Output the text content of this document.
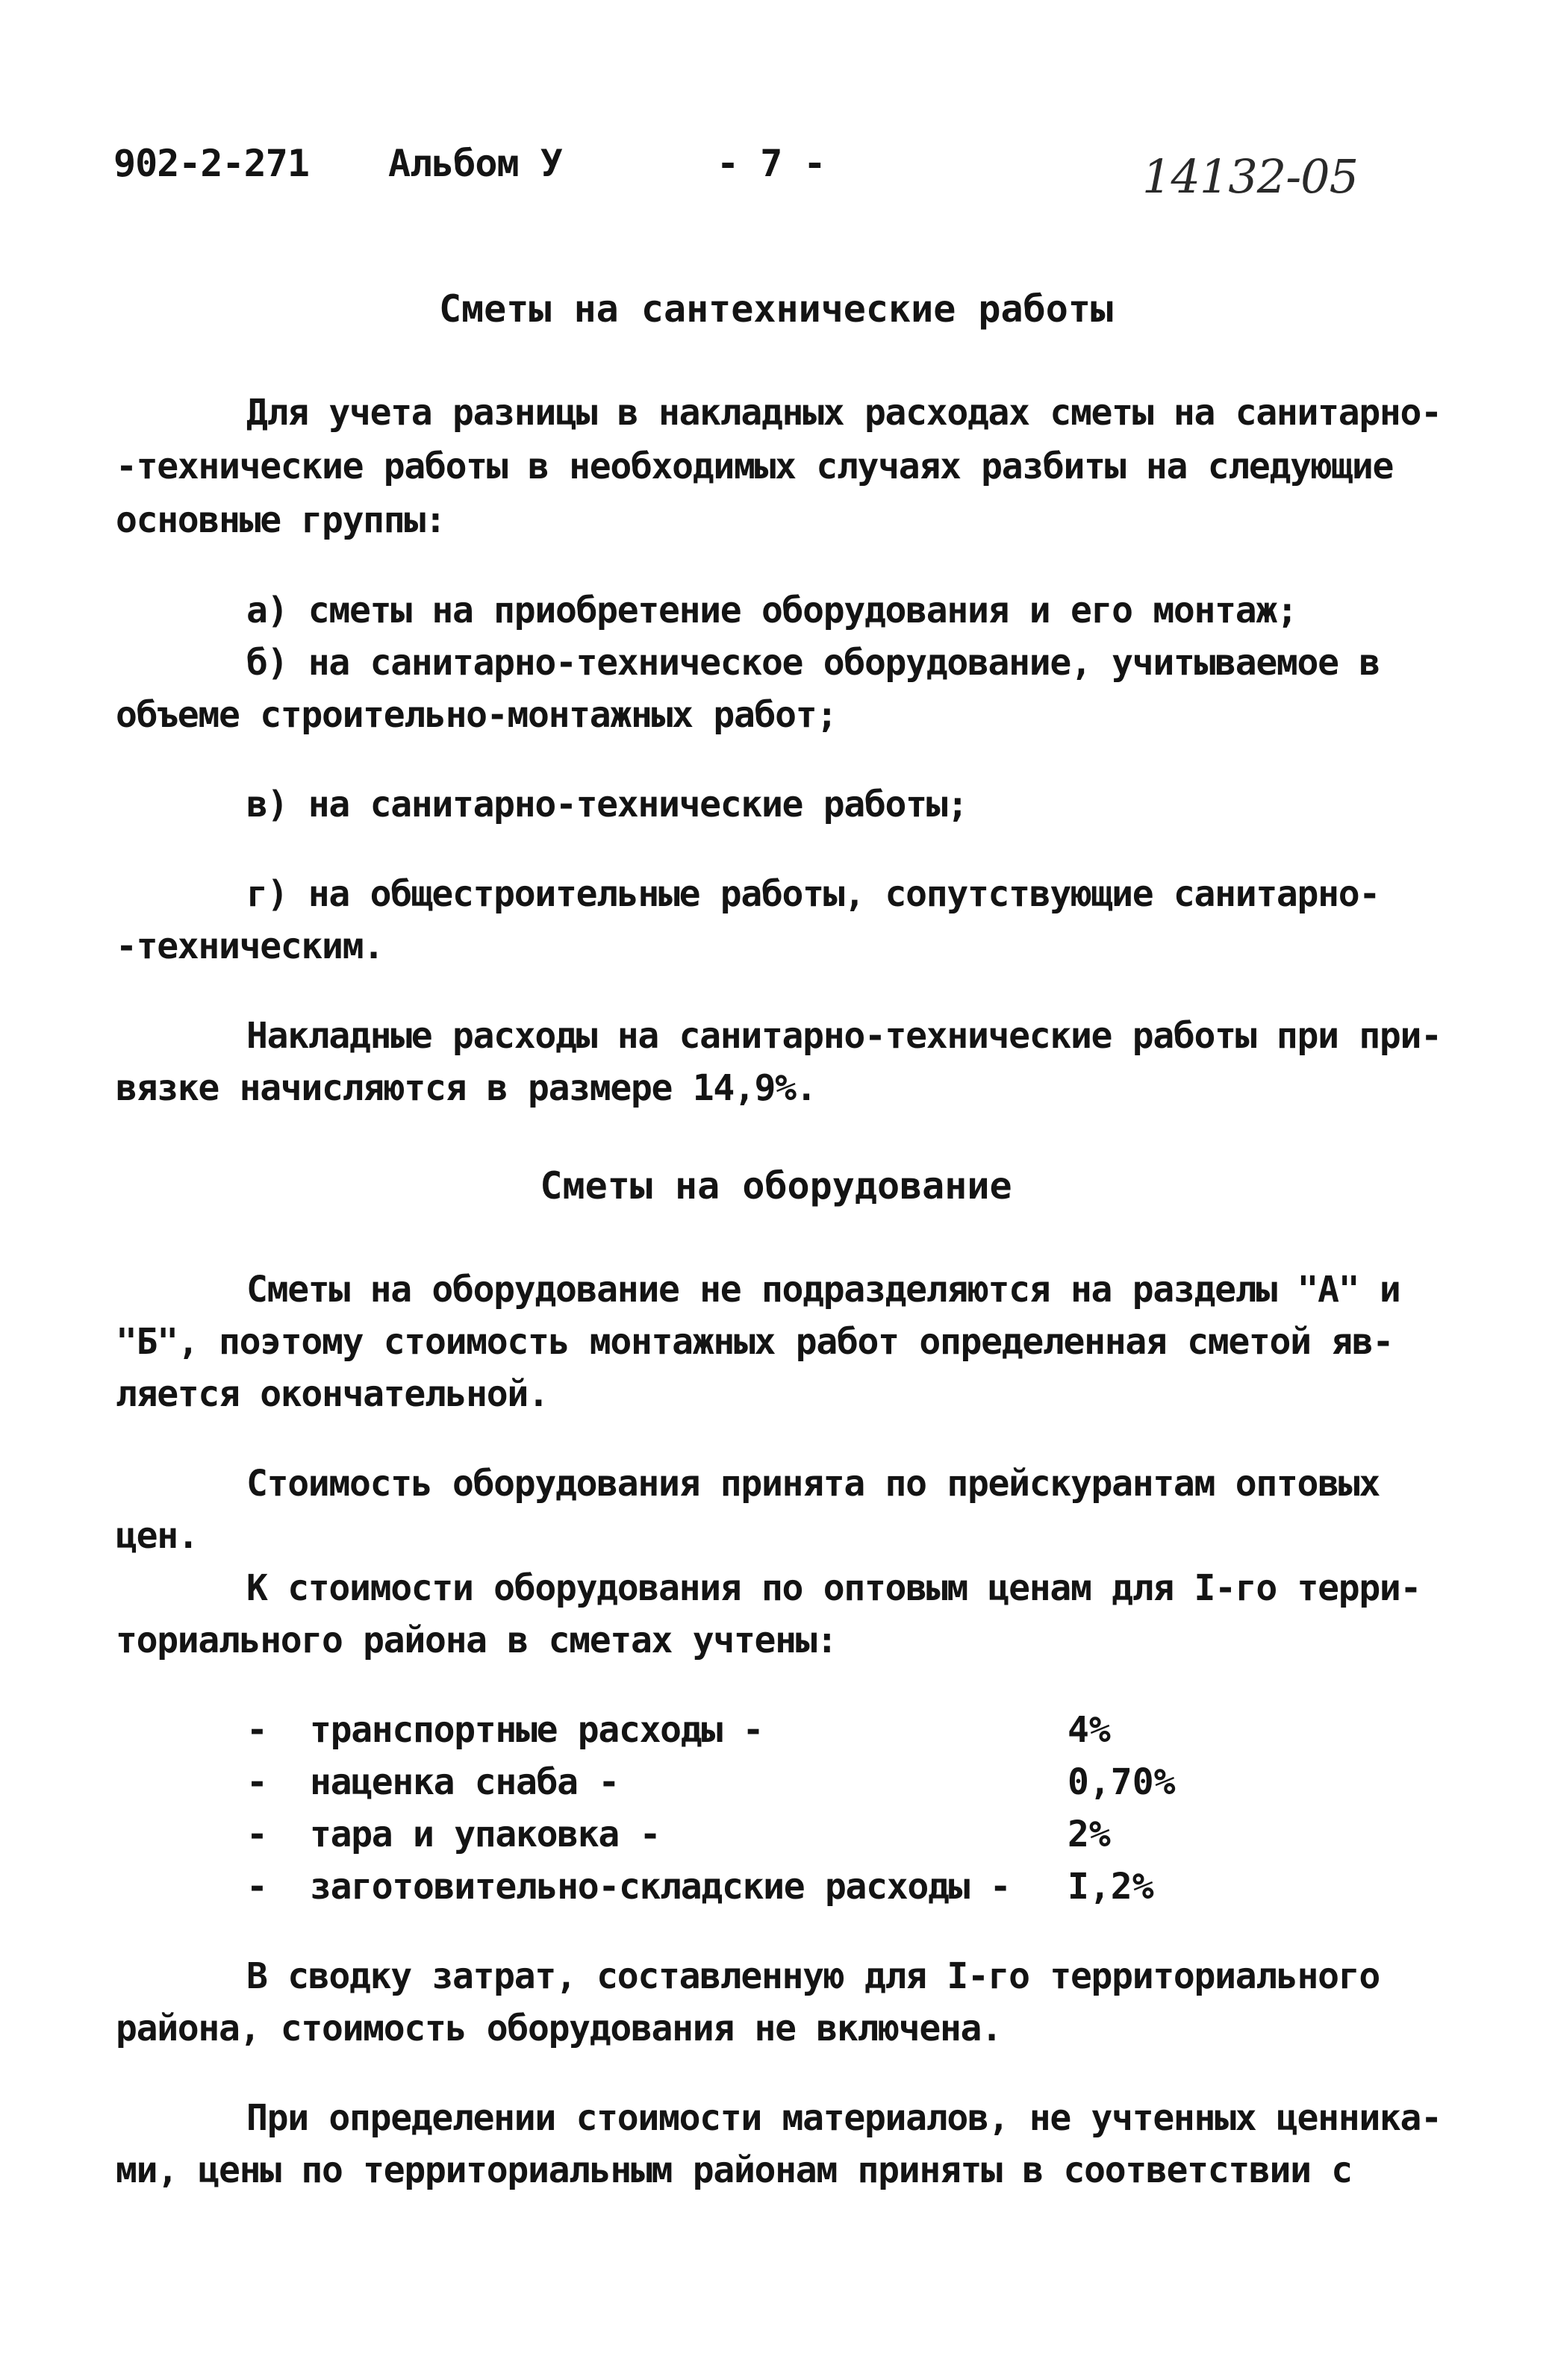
902-2-271 Альбом У	- 7 -	14132-05
Сметы на сантехнические работы
Для учета разницы в накладных расходах сметы на санитарно-
-технические работы в необходимых случаях разбиты на следующие
основные группы:
а) сметы на приобретение оборудования и его монтаж;
б) на санитарно-техническое оборудование, учитываемое в
объеме строительно-монтажных работ;
в) на санитарно-технические работы;
г) на общестроительные работы, сопутствующие санитарно-
-техническим.
Накладные расходы на санитарно-технические работы при при-
вязке начисляются в размере 14,9%.
Сметы на оборудование
Сметы на оборудование не подразделяются на разделы "А" и
"Б", поэтому стоимость монтажных работ определенная сметой яв-
ляется окончательной.
Стоимость оборудования принята по прейскурантам оптовых
цен.
К стоимости оборудования по оптовым ценам для I-го терри-
ториального района в сметах учтены:
- транспортные расходы -	4%
- наценка снаба -	0,70%
- тара и упаковка -	2%
- заготовительно-складские расходы - I,2%
В сводку затрат, составленную для I-го территориального
района, стоимость оборудования не включена.
При определении стоимости материалов, не учтенных ценника-
ми, цены по территориальным районам приняты в соответствии с
